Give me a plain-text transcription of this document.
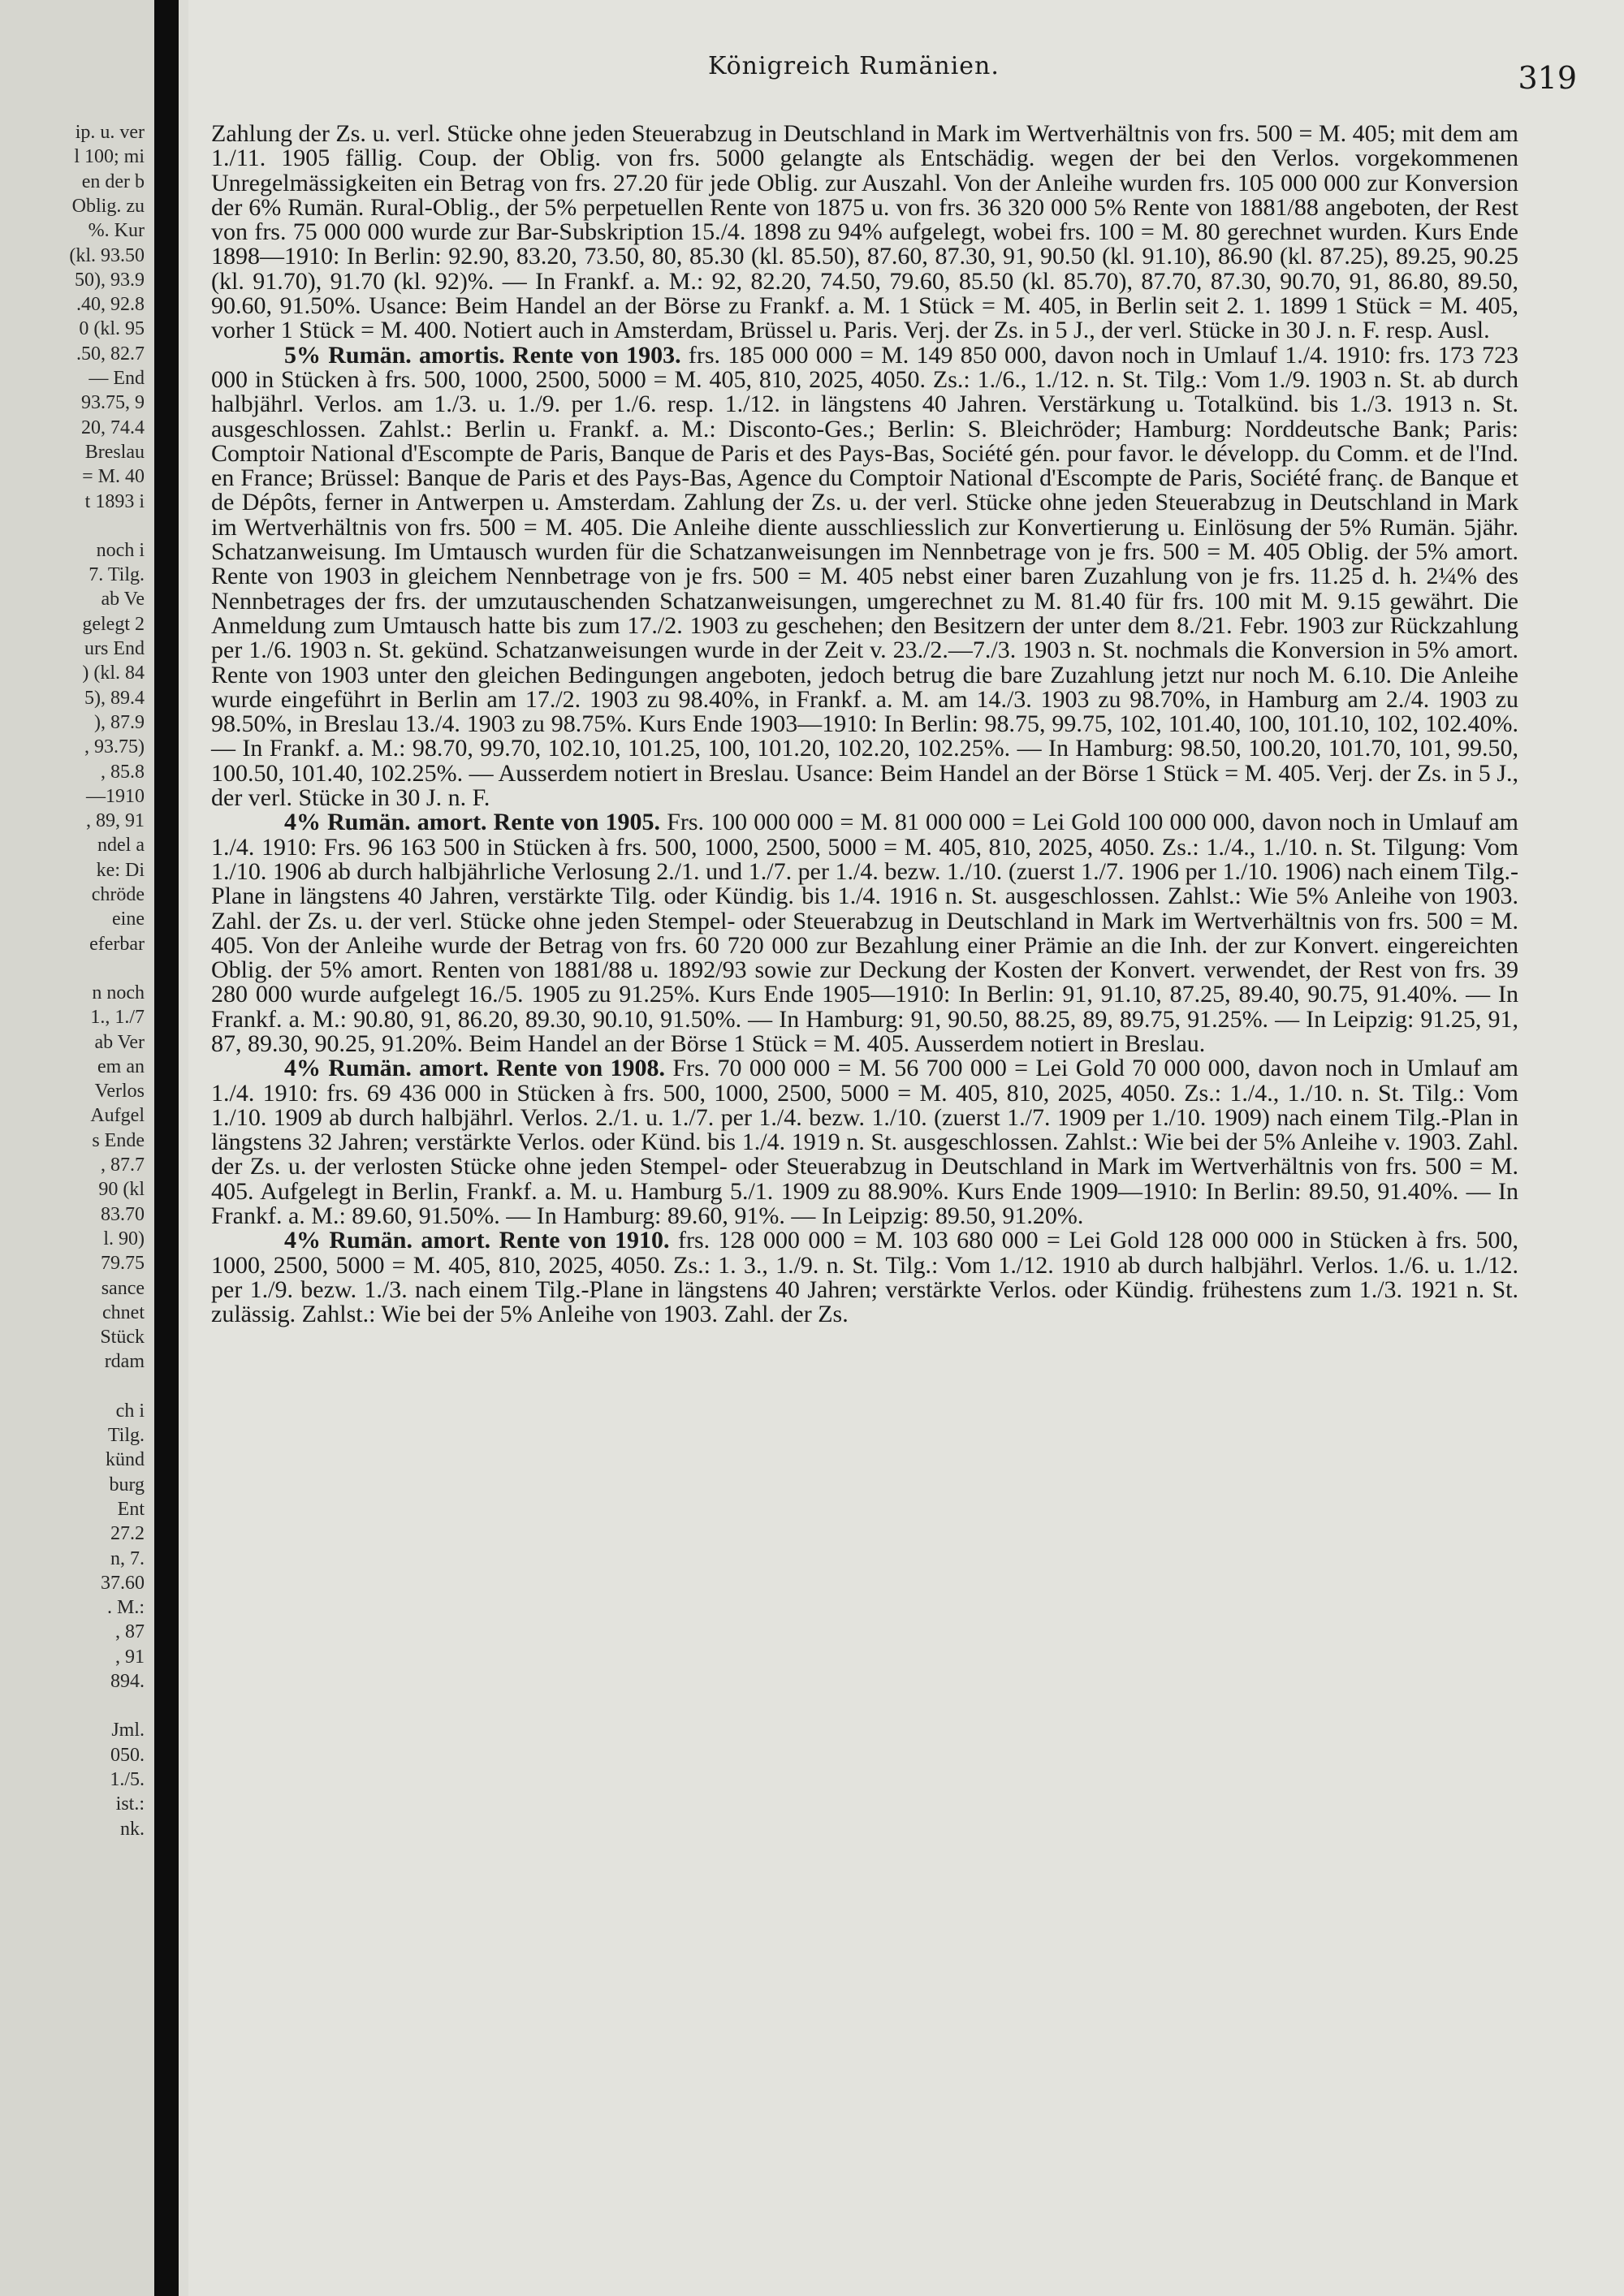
ip. u. ver
l 100; mi
en der b
Oblig. zu
%. Kur
(kl. 93.50
50), 93.9
.40, 92.8
0 (kl. 95
.50, 82.7
— End
93.75, 9
20, 74.4
Breslau
= M. 40
t 1893 i
noch i
7. Tilg.
ab Ve
gelegt 2
urs End
) (kl. 84
5), 89.4
), 87.9
, 93.75)
, 85.8
—1910
, 89, 91
ndel a
ke: Di
chröde
eine
eferbar
n noch
1., 1./7
ab Ver
em an
Verlos
Aufgel
s Ende
, 87.7
90 (kl
83.70
l. 90)
79.75
sance
chnet
Stück
rdam
ch i
Tilg.
künd
burg
Ent
27.2
n, 7.
37.60
. M.:
, 87
, 91
894.
Jml.
050.
1./5.
ist.:
nk.
Königreich Rumänien.	319

Zahlung der Zs. u. verl. Stücke ohne jeden Steuerabzug in Deutschland in Mark im Wertverhältnis von frs. 500 = M. 405; mit dem am 1./11. 1905 fällig. Coup. der Oblig. von frs. 5000 gelangte als Entschädig. wegen der bei den Verlos. vorgekommenen Unregelmässigkeiten ein Betrag von frs. 27.20 für jede Oblig. zur Auszahl. Von der Anleihe wurden frs. 105 000 000 zur Konversion der 6% Rumän. Rural-Oblig., der 5% perpetuellen Rente von 1875 u. von frs. 36 320 000 5% Rente von 1881/88 angeboten, der Rest von frs. 75 000 000 wurde zur Bar-Subskription 15./4. 1898 zu 94% aufgelegt, wobei frs. 100 = M. 80 gerechnet wurden. Kurs Ende 1898—1910: In Berlin: 92.90, 83.20, 73.50, 80, 85.30 (kl. 85.50), 87.60, 87.30, 91, 90.50 (kl. 91.10), 86.90 (kl. 87.25), 89.25, 90.25 (kl. 91.70), 91.70 (kl. 92)%. — In Frankf. a. M.: 92, 82.20, 74.50, 79.60, 85.50 (kl. 85.70), 87.70, 87.30, 90.70, 91, 86.80, 89.50, 90.60, 91.50%. Usance: Beim Handel an der Börse zu Frankf. a. M. 1 Stück = M. 405, in Berlin seit 2. 1. 1899 1 Stück = M. 405, vorher 1 Stück = M. 400. Notiert auch in Amsterdam, Brüssel u. Paris. Verj. der Zs. in 5 J., der verl. Stücke in 30 J. n. F. resp. Ausl.

5% Rumän. amortis. Rente von 1903. frs. 185 000 000 = M. 149 850 000, davon noch in Umlauf 1./4. 1910: frs. 173 723 000 in Stücken à frs. 500, 1000, 2500, 5000 = M. 405, 810, 2025, 4050. Zs.: 1./6., 1./12. n. St. Tilg.: Vom 1./9. 1903 n. St. ab durch halbjährl. Verlos. am 1./3. u. 1./9. per 1./6. resp. 1./12. in längstens 40 Jahren. Verstärkung u. Totalkünd. bis 1./3. 1913 n. St. ausgeschlossen. Zahlst.: Berlin u. Frankf. a. M.: Disconto-Ges.; Berlin: S. Bleichröder; Hamburg: Norddeutsche Bank; Paris: Comptoir National d'Escompte de Paris, Banque de Paris et des Pays-Bas, Société gén. pour favor. le développ. du Comm. et de l'Ind. en France; Brüssel: Banque de Paris et des Pays-Bas, Agence du Comptoir National d'Escompte de Paris, Société franç. de Banque et de Dépôts, ferner in Antwerpen u. Amsterdam. Zahlung der Zs. u. der verl. Stücke ohne jeden Steuerabzug in Deutschland in Mark im Wertverhältnis von frs. 500 = M. 405. Die Anleihe diente ausschliesslich zur Konvertierung u. Einlösung der 5% Rumän. 5jähr. Schatzanweisung. Im Umtausch wurden für die Schatzanweisungen im Nennbetrage von je frs. 500 = M. 405 Oblig. der 5% amort. Rente von 1903 in gleichem Nennbetrage von je frs. 500 = M. 405 nebst einer baren Zuzahlung von je frs. 11.25 d. h. 2¼% des Nennbetrages der frs. der umzutauschenden Schatzanweisungen, umgerechnet zu M. 81.40 für frs. 100 mit M. 9.15 gewährt. Die Anmeldung zum Umtausch hatte bis zum 17./2. 1903 zu geschehen; den Besitzern der unter dem 8./21. Febr. 1903 zur Rückzahlung per 1./6. 1903 n. St. gekünd. Schatzanweisungen wurde in der Zeit v. 23./2.—7./3. 1903 n. St. nochmals die Konversion in 5% amort. Rente von 1903 unter den gleichen Bedingungen angeboten, jedoch betrug die bare Zuzahlung jetzt nur noch M. 6.10. Die Anleihe wurde eingeführt in Berlin am 17./2. 1903 zu 98.40%, in Frankf. a. M. am 14./3. 1903 zu 98.70%, in Hamburg am 2./4. 1903 zu 98.50%, in Breslau 13./4. 1903 zu 98.75%. Kurs Ende 1903—1910: In Berlin: 98.75, 99.75, 102, 101.40, 100, 101.10, 102, 102.40%. — In Frankf. a. M.: 98.70, 99.70, 102.10, 101.25, 100, 101.20, 102.20, 102.25%. — In Hamburg: 98.50, 100.20, 101.70, 101, 99.50, 100.50, 101.40, 102.25%. — Ausserdem notiert in Breslau. Usance: Beim Handel an der Börse 1 Stück = M. 405. Verj. der Zs. in 5 J., der verl. Stücke in 30 J. n. F.

4% Rumän. amort. Rente von 1905. Frs. 100 000 000 = M. 81 000 000 = Lei Gold 100 000 000, davon noch in Umlauf am 1./4. 1910: Frs. 96 163 500 in Stücken à frs. 500, 1000, 2500, 5000 = M. 405, 810, 2025, 4050. Zs.: 1./4., 1./10. n. St. Tilgung: Vom 1./10. 1906 ab durch halbjährliche Verlosung 2./1. und 1./7. per 1./4. bezw. 1./10. (zuerst 1./7. 1906 per 1./10. 1906) nach einem Tilg.-Plane in längstens 40 Jahren, verstärkte Tilg. oder Kündig. bis 1./4. 1916 n. St. ausgeschlossen. Zahlst.: Wie 5% Anleihe von 1903. Zahl. der Zs. u. der verl. Stücke ohne jeden Stempel- oder Steuerabzug in Deutschland in Mark im Wertverhältnis von frs. 500 = M. 405. Von der Anleihe wurde der Betrag von frs. 60 720 000 zur Bezahlung einer Prämie an die Inh. der zur Konvert. eingereichten Oblig. der 5% amort. Renten von 1881/88 u. 1892/93 sowie zur Deckung der Kosten der Konvert. verwendet, der Rest von frs. 39 280 000 wurde aufgelegt 16./5. 1905 zu 91.25%. Kurs Ende 1905—1910: In Berlin: 91, 91.10, 87.25, 89.40, 90.75, 91.40%. — In Frankf. a. M.: 90.80, 91, 86.20, 89.30, 90.10, 91.50%. — In Hamburg: 91, 90.50, 88.25, 89, 89.75, 91.25%. — In Leipzig: 91.25, 91, 87, 89.30, 90.25, 91.20%. Beim Handel an der Börse 1 Stück = M. 405. Ausserdem notiert in Breslau.

4% Rumän. amort. Rente von 1908. Frs. 70 000 000 = M. 56 700 000 = Lei Gold 70 000 000, davon noch in Umlauf am 1./4. 1910: frs. 69 436 000 in Stücken à frs. 500, 1000, 2500, 5000 = M. 405, 810, 2025, 4050. Zs.: 1./4., 1./10. n. St. Tilg.: Vom 1./10. 1909 ab durch halbjährl. Verlos. 2./1. u. 1./7. per 1./4. bezw. 1./10. (zuerst 1./7. 1909 per 1./10. 1909) nach einem Tilg.-Plan in längstens 32 Jahren; verstärkte Verlos. oder Künd. bis 1./4. 1919 n. St. ausgeschlossen. Zahlst.: Wie bei der 5% Anleihe v. 1903. Zahl. der Zs. u. der verlosten Stücke ohne jeden Stempel- oder Steuerabzug in Deutschland in Mark im Wertverhältnis von frs. 500 = M. 405. Aufgelegt in Berlin, Frankf. a. M. u. Hamburg 5./1. 1909 zu 88.90%. Kurs Ende 1909—1910: In Berlin: 89.50, 91.40%. — In Frankf. a. M.: 89.60, 91.50%. — In Hamburg: 89.60, 91%. — In Leipzig: 89.50, 91.20%.

4% Rumän. amort. Rente von 1910. frs. 128 000 000 = M. 103 680 000 = Lei Gold 128 000 000 in Stücken à frs. 500, 1000, 2500, 5000 = M. 405, 810, 2025, 4050. Zs.: 1. 3., 1./9. n. St. Tilg.: Vom 1./12. 1910 ab durch halbjährl. Verlos. 1./6. u. 1./12. per 1./9. bezw. 1./3. nach einem Tilg.-Plane in längstens 40 Jahren; verstärkte Verlos. oder Kündig. frühestens zum 1./3. 1921 n. St. zulässig. Zahlst.: Wie bei der 5% Anleihe von 1903. Zahl. der Zs.
